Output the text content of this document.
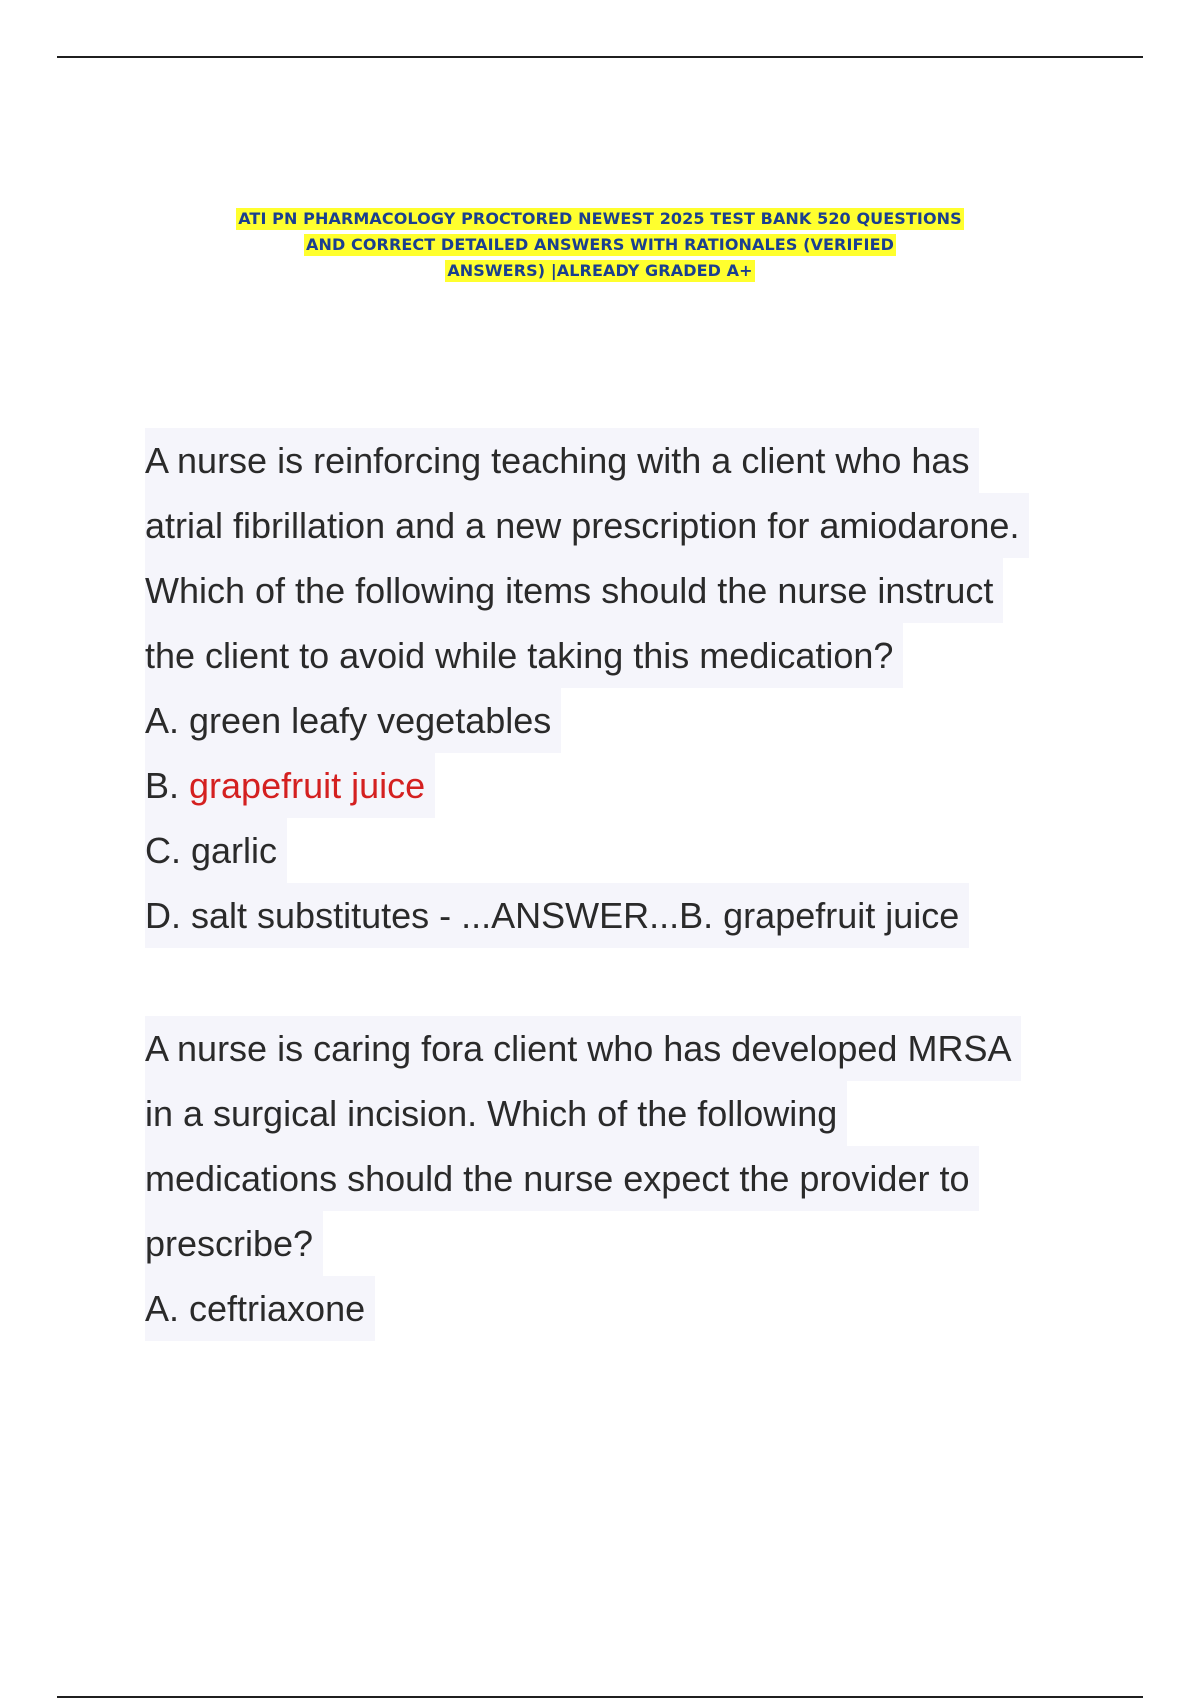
ATI PN PHARMACOLOGY PROCTORED NEWEST 2025 TEST BANK 520 QUESTIONS
AND CORRECT DETAILED ANSWERS WITH RATIONALES (VERIFIED
ANSWERS) |ALREADY GRADED A+
A nurse is reinforcing teaching with a client who has
atrial fibrillation and a new prescription for amiodarone.
Which of the following items should the nurse instruct
the client to avoid while taking this medication?
A. green leafy vegetables
B. grapefruit juice
C. garlic
D. salt substitutes - ...ANSWER...B. grapefruit juice
A nurse is caring fora client who has developed MRSA
in a surgical incision. Which of the following
medications should the nurse expect the provider to
prescribe?
A. ceftriaxone
